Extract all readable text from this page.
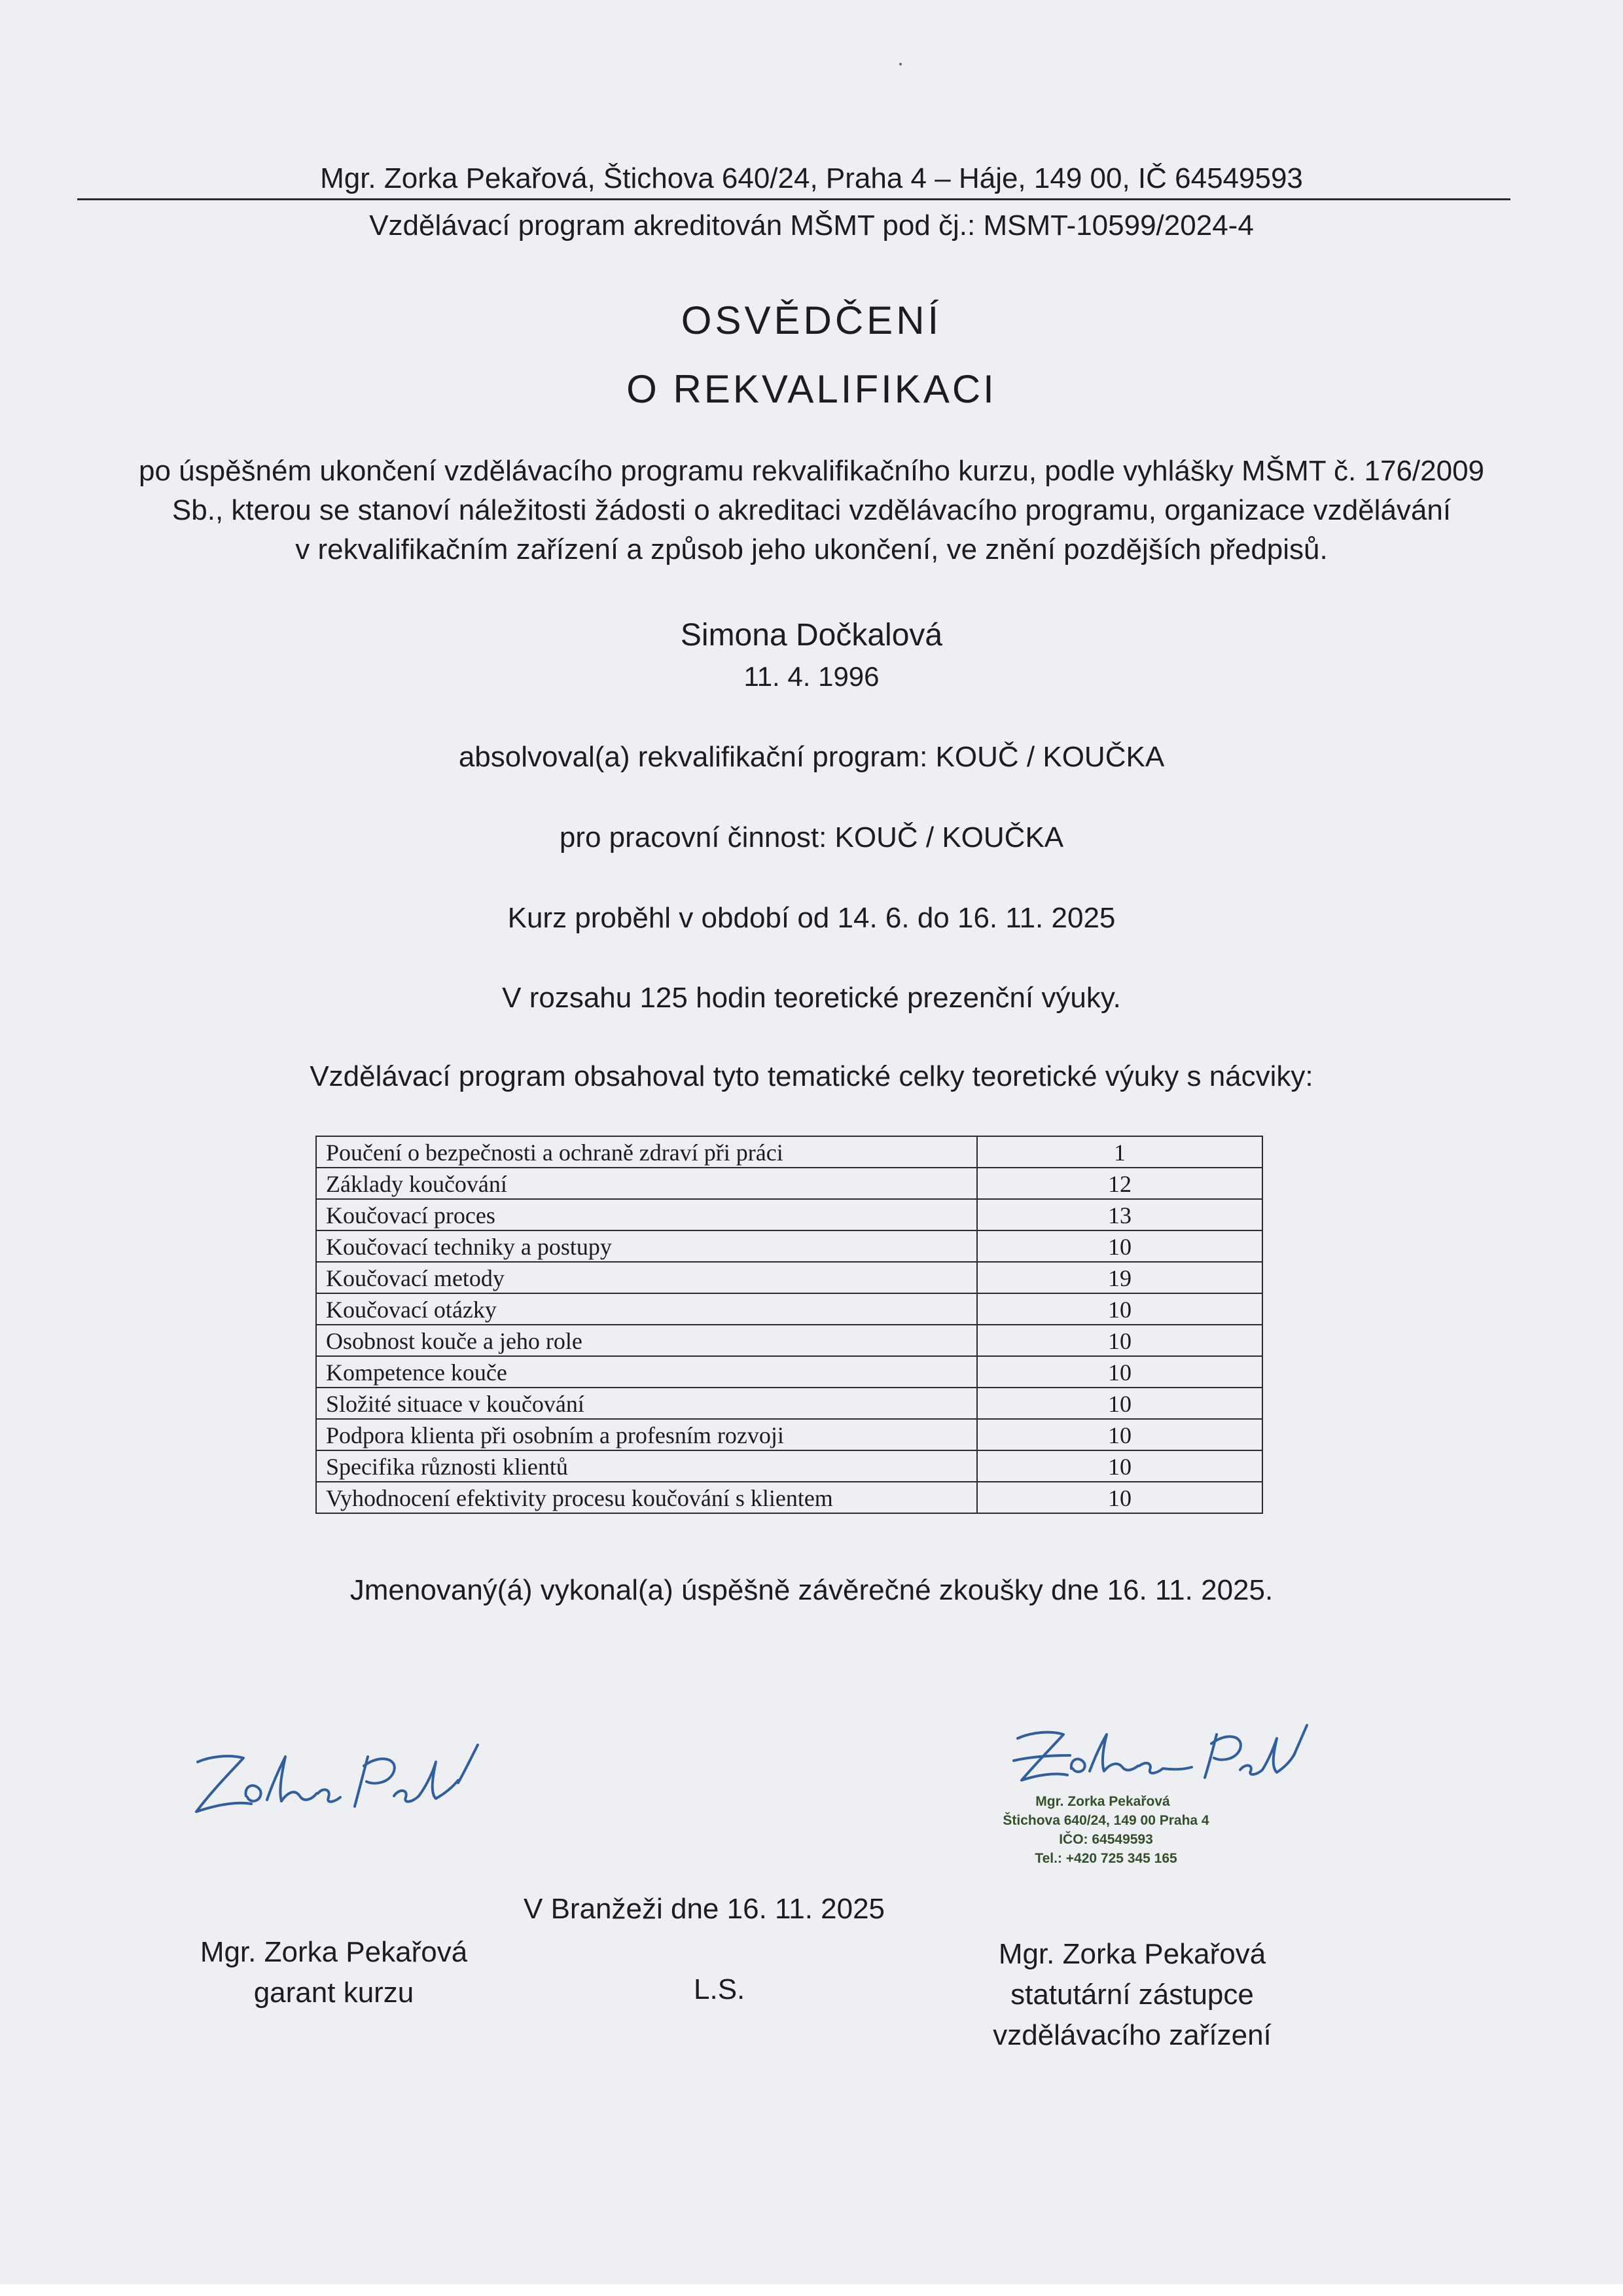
Mgr. Zorka Pekařová, Štichova 640/24, Praha 4 – Háje, 149 00, IČ 64549593
Vzdělávací program akreditován MŠMT pod čj.: MSMT-10599/2024-4
OSVĚDČENÍ
O REKVALIFIKACI
po úspěšném ukončení vzdělávacího programu rekvalifikačního kurzu, podle vyhlášky MŠMT č. 176/2009
Sb., kterou se stanoví náležitosti žádosti o akreditaci vzdělávacího programu, organizace vzdělávání
v rekvalifikačním zařízení a způsob jeho ukončení, ve znění pozdějších předpisů.
Simona Dočkalová
11. 4. 1996
absolvoval(a) rekvalifikační program: KOUČ / KOUČKA
pro pracovní činnost: KOUČ / KOUČKA
Kurz proběhl v období od 14. 6. do 16. 11. 2025
V rozsahu 125 hodin teoretické prezenční výuky.
Vzdělávací program obsahoval tyto tematické celky teoretické výuky s nácviky:
Poučení o bezpečnosti a ochraně zdraví při práci	1
Základy koučování	12
Koučovací proces	13
Koučovací techniky a postupy	10
Koučovací metody	19
Koučovací otázky	10
Osobnost kouče a jeho role	10
Kompetence kouče	10
Složité situace v koučování	10
Podpora klienta při osobním a profesním rozvoji	10
Specifika různosti klientů	10
Vyhodnocení efektivity procesu koučování s klientem	10
Jmenovaný(á) vykonal(a) úspěšně závěrečné zkoušky dne 16. 11. 2025.
Mgr. Zorka Pekařová
Štichova 640/24, 149 00 Praha 4
IČO: 64549593
Tel.: +420 725 345 165
V Branžeži dne 16. 11. 2025
Mgr. Zorka Pekařová
garant kurzu	L.S.
Mgr. Zorka Pekařová
statutární zástupce
vzdělávacího zařízení
